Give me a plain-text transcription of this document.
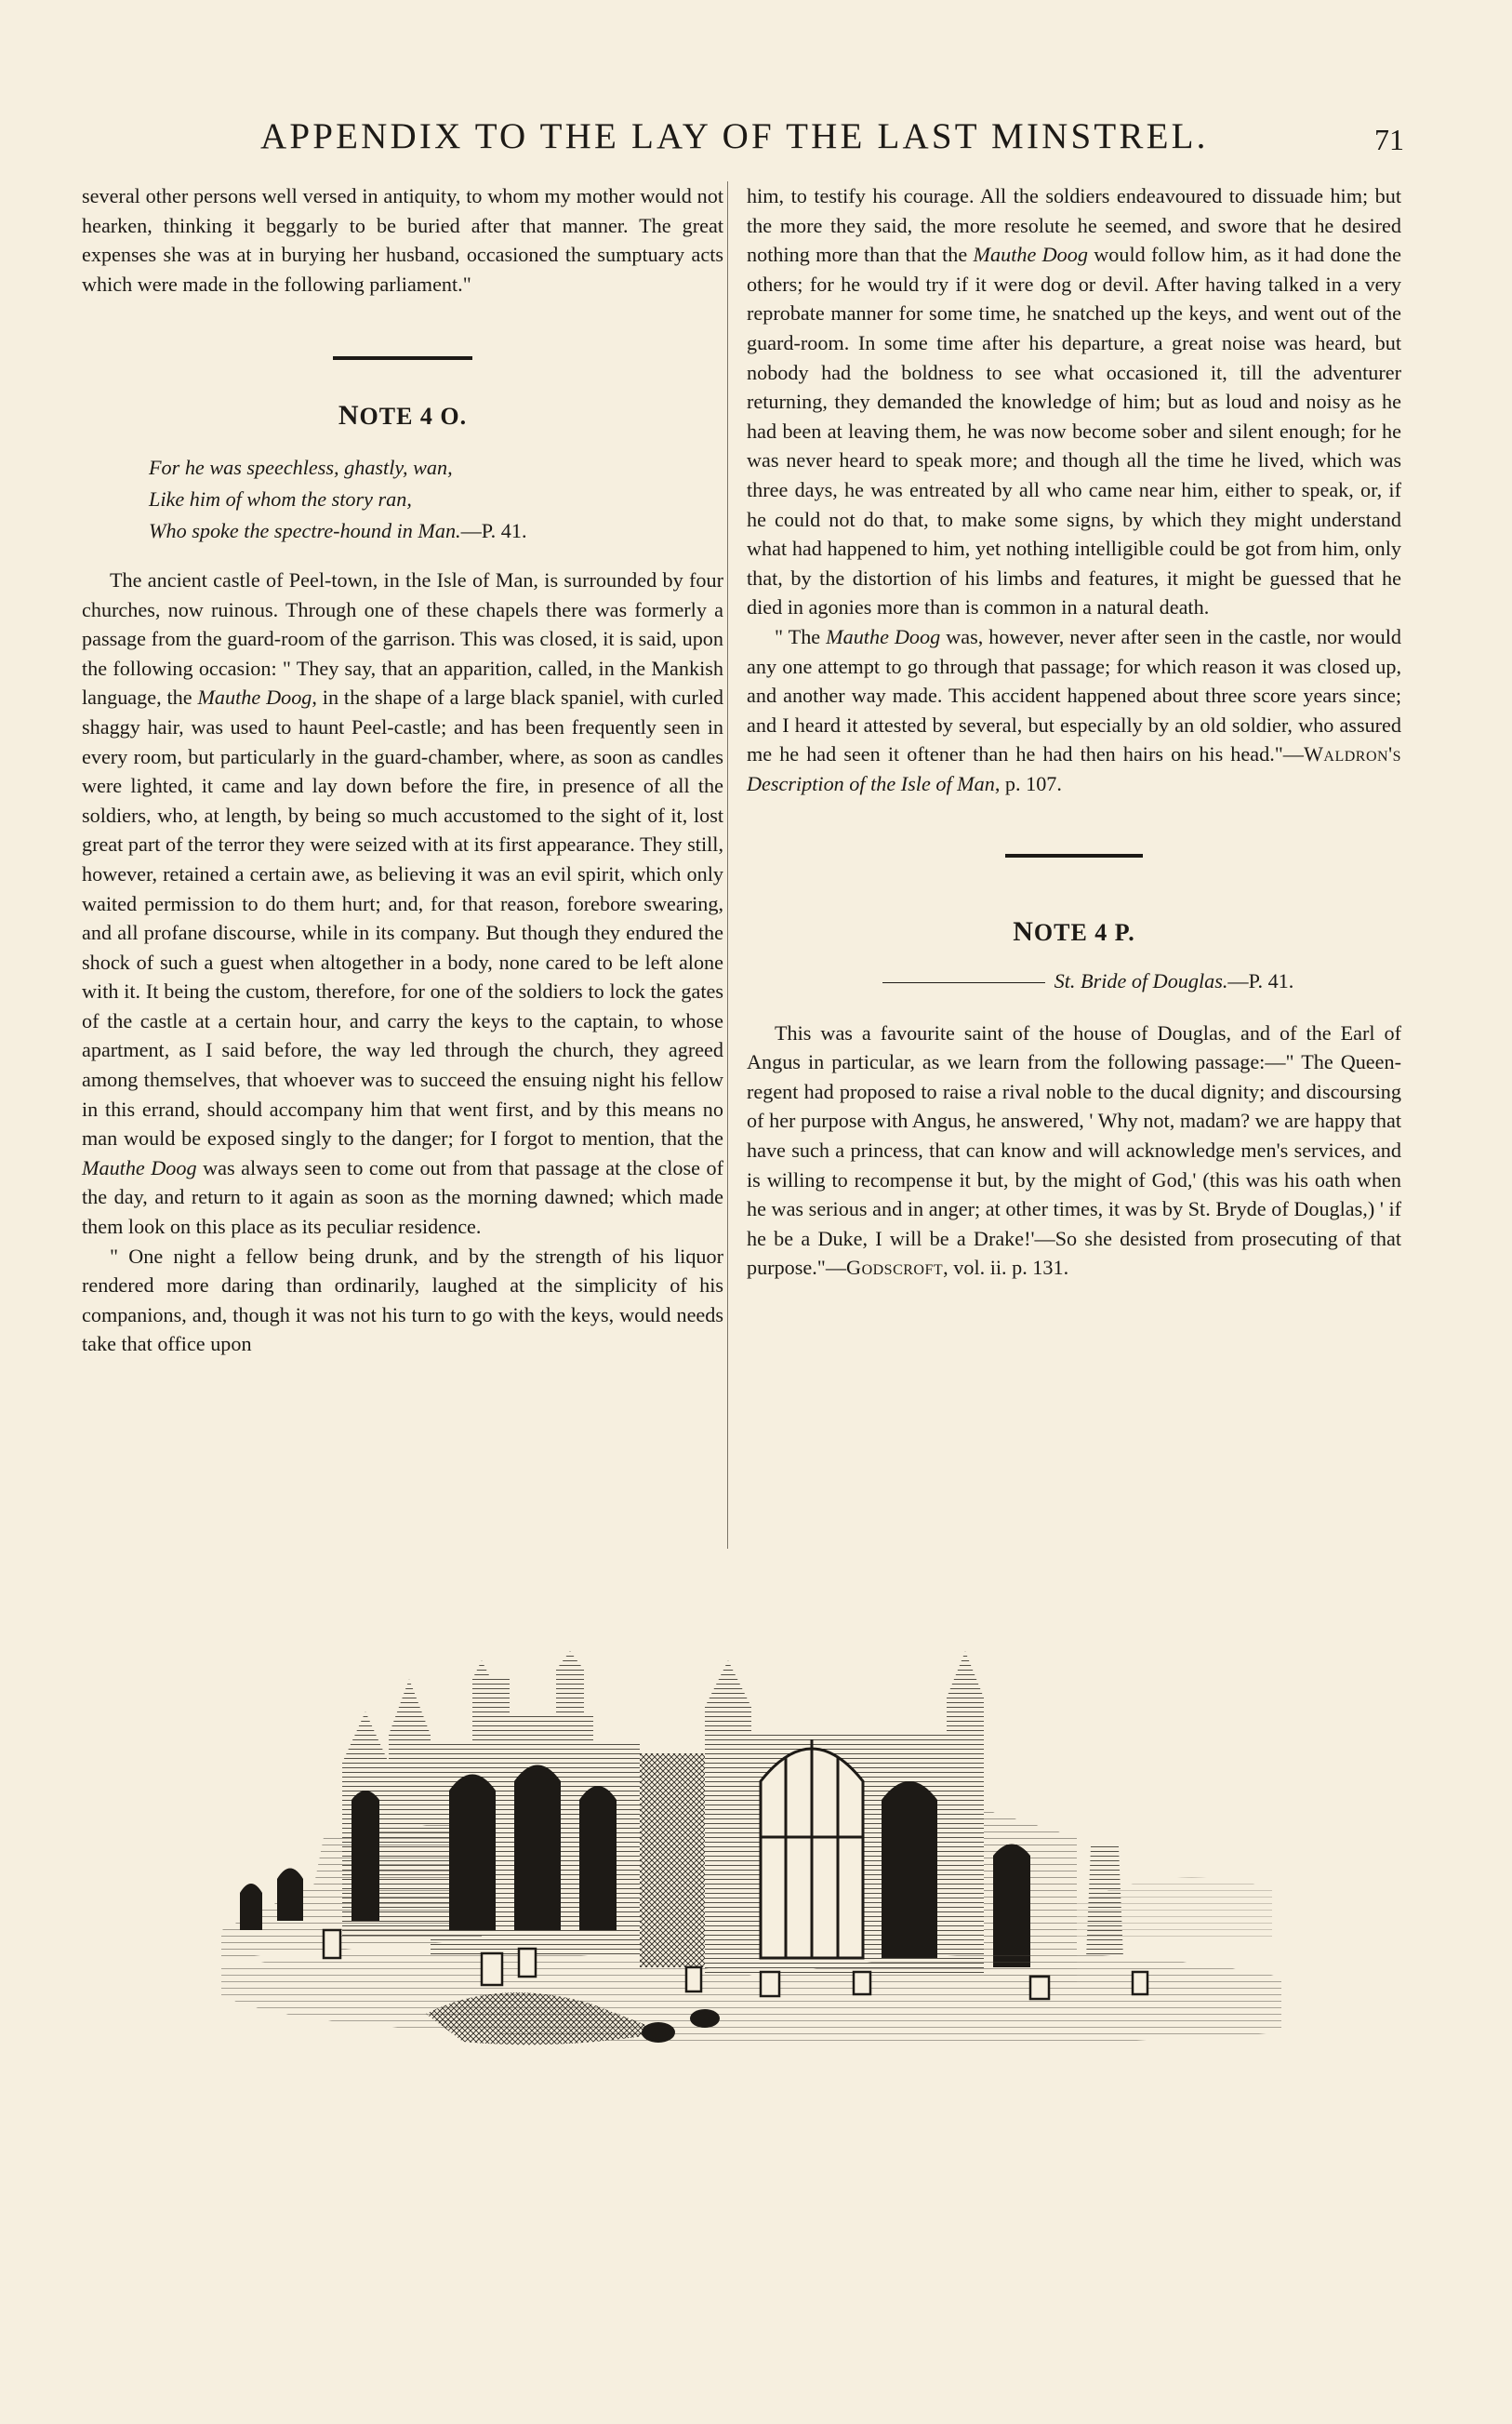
APPENDIX TO THE LAY OF THE LAST MINSTREL.	71

several other persons well versed in antiquity, to whom my mother would not hearken, thinking it beggarly to be buried after that manner. The great expenses she was at in burying her husband, occasioned the sumptuary acts which were made in the following parliament."

NOTE 4 O.
For he was speechless, ghastly, wan,
Like him of whom the story ran,
Who spoke the spectre-hound in Man.—P. 41.

The ancient castle of Peel-town, in the Isle of Man, is surrounded by four churches, now ruinous. Through one of these chapels there was formerly a passage from the guard-room of the garrison. This was closed, it is said, upon the following occasion: " They say, that an apparition, called, in the Mankish language, the Mauthe Doog, in the shape of a large black spaniel, with curled shaggy hair, was used to haunt Peel-castle; and has been frequently seen in every room, but particularly in the guard-chamber, where, as soon as candles were lighted, it came and lay down before the fire, in presence of all the soldiers, who, at length, by being so much accustomed to the sight of it, lost great part of the terror they were seized with at its first appearance. They still, however, retained a certain awe, as believing it was an evil spirit, which only waited permission to do them hurt; and, for that reason, forebore swearing, and all profane discourse, while in its company. But though they endured the shock of such a guest when altogether in a body, none cared to be left alone with it. It being the custom, therefore, for one of the soldiers to lock the gates of the castle at a certain hour, and carry the keys to the captain, to whose apartment, as I said before, the way led through the church, they agreed among themselves, that whoever was to succeed the ensuing night his fellow in this errand, should accompany him that went first, and by this means no man would be exposed singly to the danger; for I forgot to mention, that the Mauthe Doog was always seen to come out from that passage at the close of the day, and return to it again as soon as the morning dawned; which made them look on this place as its peculiar residence.

" One night a fellow being drunk, and by the strength of his liquor rendered more daring than ordinarily, laughed at the simplicity of his companions, and, though it was not his turn to go with the keys, would needs take that office upon

him, to testify his courage. All the soldiers endeavoured to dissuade him; but the more they said, the more resolute he seemed, and swore that he desired nothing more than that the Mauthe Doog would follow him, as it had done the others; for he would try if it were dog or devil. After having talked in a very reprobate manner for some time, he snatched up the keys, and went out of the guard-room. In some time after his departure, a great noise was heard, but nobody had the boldness to see what occasioned it, till the adventurer returning, they demanded the knowledge of him; but as loud and noisy as he had been at leaving them, he was now become sober and silent enough; for he was never heard to speak more; and though all the time he lived, which was three days, he was entreated by all who came near him, either to speak, or, if he could not do that, to make some signs, by which they might understand what had happened to him, yet nothing intelligible could be got from him, only that, by the distortion of his limbs and features, it might be guessed that he died in agonies more than is common in a natural death.

" The Mauthe Doog was, however, never after seen in the castle, nor would any one attempt to go through that passage; for which reason it was closed up, and another way made. This accident happened about three score years since; and I heard it attested by several, but especially by an old soldier, who assured me he had seen it oftener than he had then hairs on his head."—Waldron's Description of the Isle of Man, p. 107.

NOTE 4 P.

St. Bride of Douglas.—P. 41.

This was a favourite saint of the house of Douglas, and of the Earl of Angus in particular, as we learn from the following passage:—" The Queen-regent had proposed to raise a rival noble to the ducal dignity; and discoursing of her purpose with Angus, he answered, ' Why not, madam? we are happy that have such a princess, that can know and will acknowledge men's services, and is willing to recompense it but, by the might of God,' (this was his oath when he was serious and in anger; at other times, it was by St. Bryde of Douglas,) ' if he be a Duke, I will be a Drake!'—So she desisted from prosecuting of that purpose."—Godscroft, vol. ii. p. 131.
